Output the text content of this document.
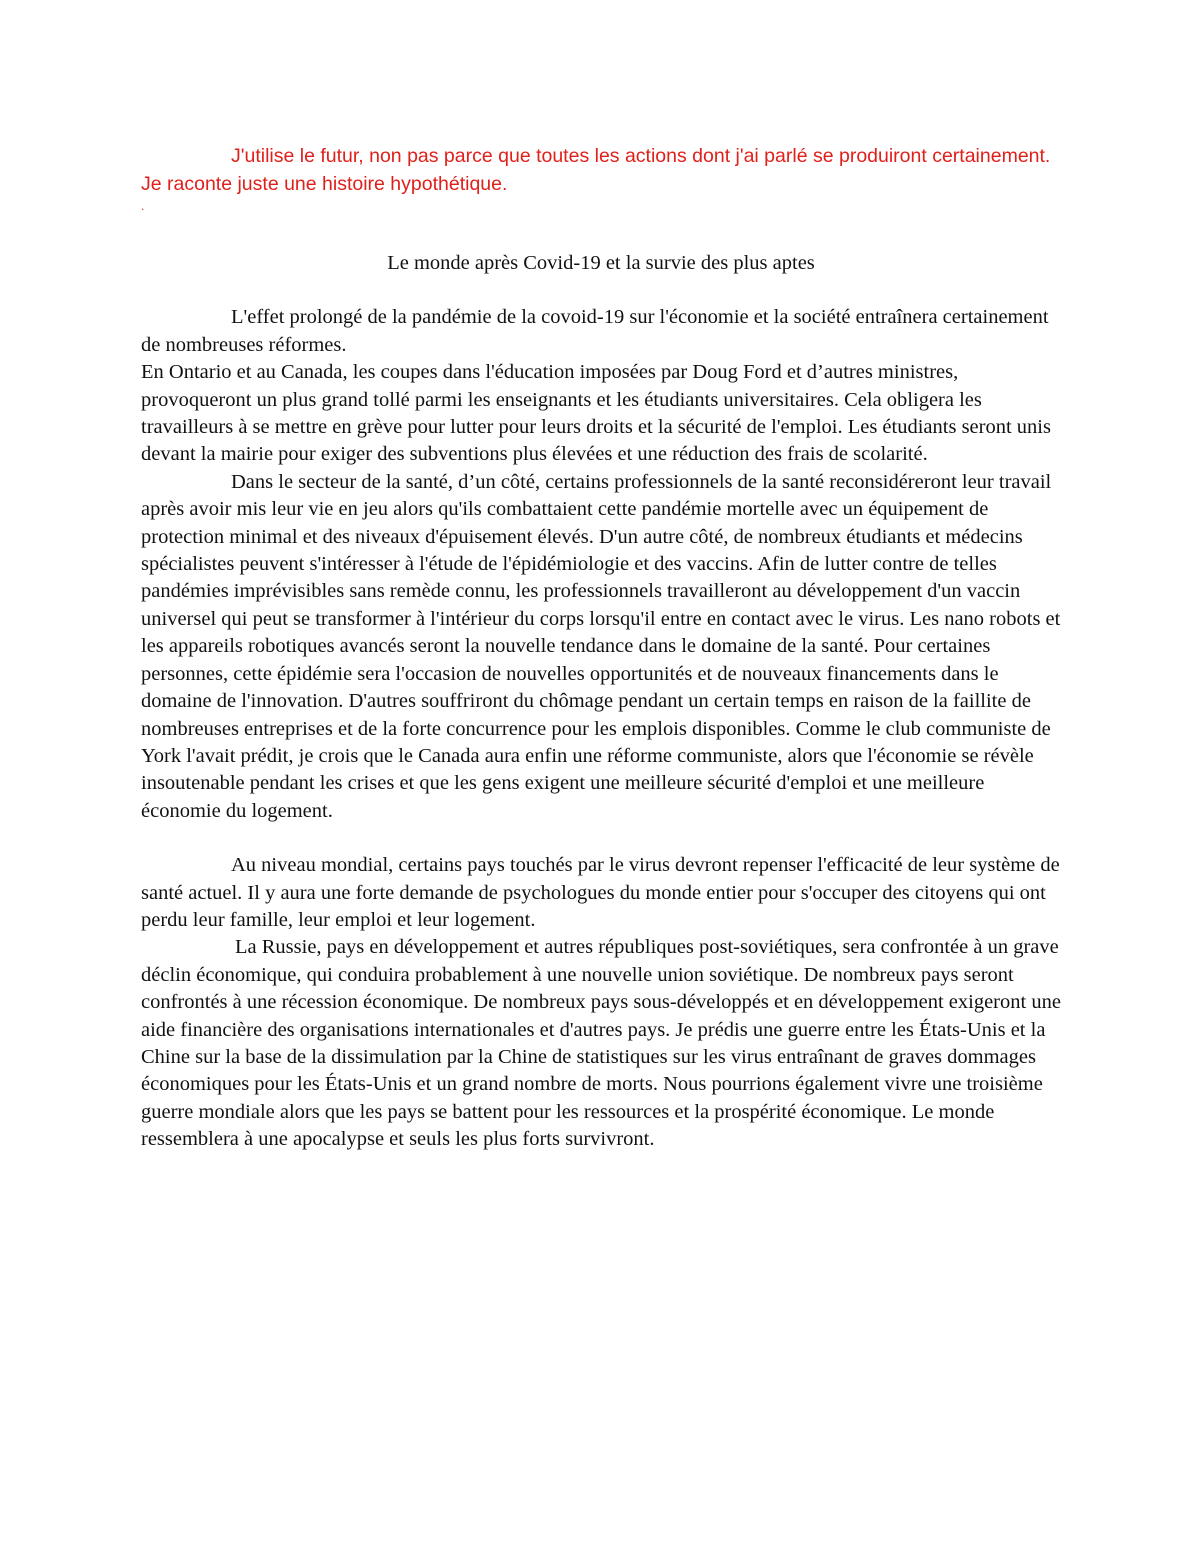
J'utilise le futur, non pas parce que toutes les actions dont j'ai parlé se produiront certainement. Je raconte juste une histoire hypothétique.

.

Le monde après Covid-19 et la survie des plus aptes

L'effet prolongé de la pandémie de la covoid-19 sur l'économie et la société entraînera certainement de nombreuses réformes.

En Ontario et au Canada, les coupes dans l'éducation imposées par Doug Ford et d’autres ministres, provoqueront un plus grand tollé parmi les enseignants et les étudiants universitaires. Cela obligera les travailleurs à se mettre en grève pour lutter pour leurs droits et la sécurité de l'emploi. Les étudiants seront unis devant la mairie pour exiger des subventions plus élevées et une réduction des frais de scolarité.

Dans le secteur de la santé, d’un côté, certains professionnels de la santé reconsidéreront leur travail après avoir mis leur vie en jeu alors qu'ils combattaient cette pandémie mortelle avec un équipement de protection minimal et des niveaux d'épuisement élevés. D'un autre côté, de nombreux étudiants et médecins spécialistes peuvent s'intéresser à l'étude de l'épidémiologie et des vaccins. Afin de lutter contre de telles pandémies imprévisibles sans remède connu, les professionnels travailleront au développement d'un vaccin universel qui peut se transformer à l'intérieur du corps lorsqu'il entre en contact avec le virus. Les nano robots et les appareils robotiques avancés seront la nouvelle tendance dans le domaine de la santé. Pour certaines personnes, cette épidémie sera l'occasion de nouvelles opportunités et de nouveaux financements dans le domaine de l'innovation. D'autres souffriront du chômage pendant un certain temps en raison de la faillite de nombreuses entreprises et de la forte concurrence pour les emplois disponibles. Comme le club communiste de York l'avait prédit, je crois que le Canada aura enfin une réforme communiste, alors que l'économie se révèle insoutenable pendant les crises et que les gens exigent une meilleure sécurité d'emploi et une meilleure économie du logement.

Au niveau mondial, certains pays touchés par le virus devront repenser l'efficacité de leur système de santé actuel. Il y aura une forte demande de psychologues du monde entier pour s'occuper des citoyens qui ont perdu leur famille, leur emploi et leur logement.

La Russie, pays en développement et autres républiques post-soviétiques, sera confrontée à un grave déclin économique, qui conduira probablement à une nouvelle union soviétique. De nombreux pays seront confrontés à une récession économique. De nombreux pays sous-développés et en développement exigeront une aide financière des organisations internationales et d'autres pays. Je prédis une guerre entre les États-Unis et la Chine sur la base de la dissimulation par la Chine de statistiques sur les virus entraînant de graves dommages économiques pour les États-Unis et un grand nombre de morts. Nous pourrions également vivre une troisième guerre mondiale alors que les pays se battent pour les ressources et la prospérité économique. Le monde ressemblera à une apocalypse et seuls les plus forts survivront.
